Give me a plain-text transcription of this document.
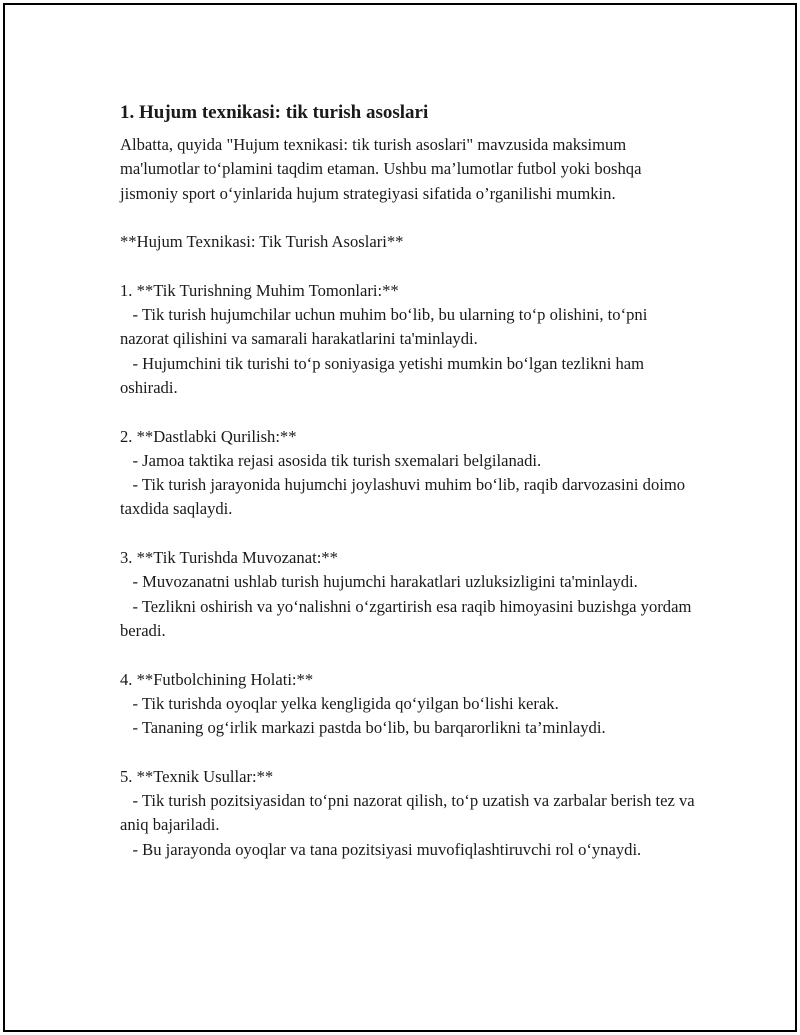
1. Hujum texnikasi: tik turish asoslari

Albatta, quyida "Hujum texnikasi: tik turish asoslari" mavzusida maksimum ma'lumotlar to‘plamini taqdim etaman. Ushbu ma’lumotlar futbol yoki boshqa jismoniy sport o‘yinlarida hujum strategiyasi sifatida o’rganilishi mumkin.

**Hujum Texnikasi: Tik Turish Asoslari**

1. **Tik Turishning Muhim Tomonlari:**

- Tik turish hujumchilar uchun muhim bo‘lib, bu ularning to‘p olishini, to‘pni nazorat qilishini va samarali harakatlarini ta'minlaydi.

- Hujumchini tik turishi to‘p soniyasiga yetishi mumkin bo‘lgan tezlikni ham oshiradi.

2. **Dastlabki Qurilish:**

- Jamoa taktika rejasi asosida tik turish sxemalari belgilanadi.

- Tik turish jarayonida hujumchi joylashuvi muhim bo‘lib, raqib darvozasini doimo taxdida saqlaydi.

3. **Tik Turishda Muvozanat:**

- Muvozanatni ushlab turish hujumchi harakatlari uzluksizligini ta'minlaydi.

- Tezlikni oshirish va yo‘nalishni o‘zgartirish esa raqib himoyasini buzishga yordam beradi.

4. **Futbolchining Holati:**

- Tik turishda oyoqlar yelka kengligida qo‘yilgan bo‘lishi kerak.

- Tananing og‘irlik markazi pastda bo‘lib, bu barqarorlikni ta’minlaydi.

5. **Texnik Usullar:**

- Tik turish pozitsiyasidan to‘pni nazorat qilish, to‘p uzatish va zarbalar berish tez va aniq bajariladi.

- Bu jarayonda oyoqlar va tana pozitsiyasi muvofiqlashtiruvchi rol o‘ynaydi.
